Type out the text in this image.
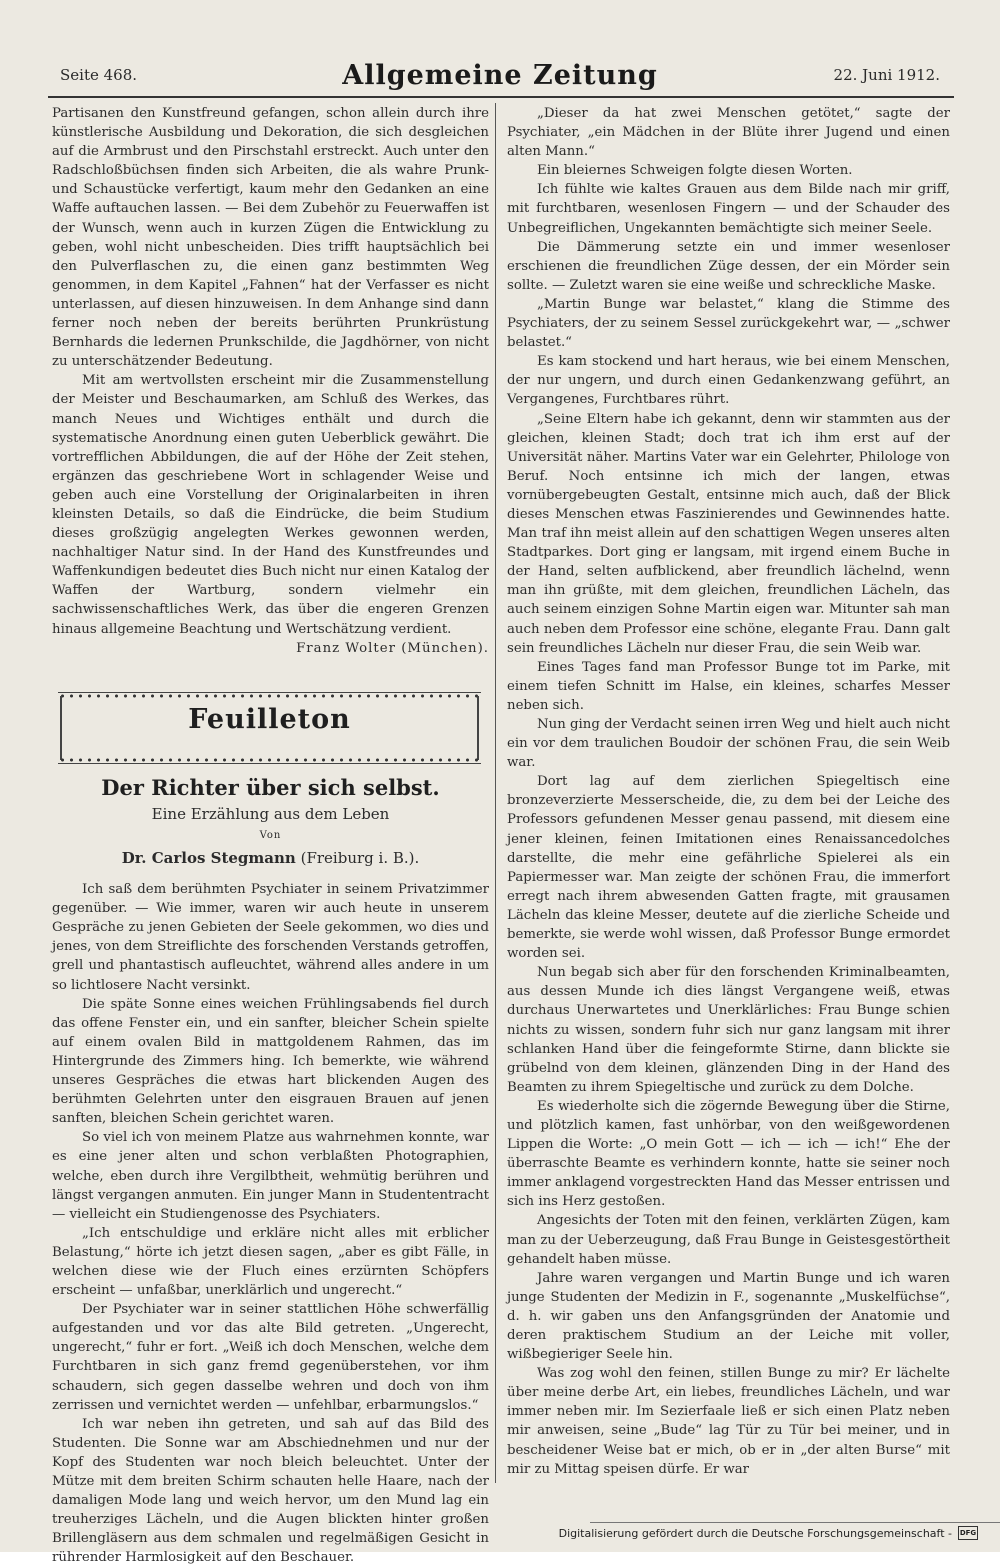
Seite 468.	Allgemeine Zeitung	22. Juni 1912.

Partisanen den Kunstfreund gefangen, schon allein durch ihre künstlerische Ausbildung und Dekoration, die sich desgleichen auf die Armbrust und den Pirschstahl erstreckt. Auch unter den Radschloßbüchsen finden sich Arbeiten, die als wahre Prunk- und Schaustücke verfertigt, kaum mehr den Gedanken an eine Waffe auftauchen lassen. — Bei dem Zubehör zu Feuerwaffen ist der Wunsch, wenn auch in kurzen Zügen die Entwicklung zu geben, wohl nicht unbescheiden. Dies trifft hauptsächlich bei den Pulverflaschen zu, die einen ganz bestimmten Weg genommen, in dem Kapitel „Fahnen“ hat der Verfasser es nicht unterlassen, auf diesen hinzuweisen. In dem Anhange sind dann ferner noch neben der bereits berührten Prunkrüstung Bernhards die ledernen Prunkschilde, die Jagdhörner, von nicht zu unterschätzender Bedeutung.

Mit am wertvollsten erscheint mir die Zusammenstellung der Meister und Beschaumarken, am Schluß des Werkes, das manch Neues und Wichtiges enthält und durch die systematische Anordnung einen guten Ueberblick gewährt. Die vortrefflichen Abbildungen, die auf der Höhe der Zeit stehen, ergänzen das geschriebene Wort in schlagender Weise und geben auch eine Vorstellung der Originalarbeiten in ihren kleinsten Details, so daß die Eindrücke, die beim Studium dieses großzügig angelegten Werkes gewonnen werden, nachhaltiger Natur sind. In der Hand des Kunstfreundes und Waffenkundigen bedeutet dies Buch nicht nur einen Katalog der Waffen der Wartburg, sondern vielmehr ein sachwissenschaftliches Werk, das über die engeren Grenzen hinaus allgemeine Beachtung und Wertschätzung verdient.

Franz Wolter (München).

Feuilleton
Der Richter über sich selbst.
Eine Erzählung aus dem Leben
Von
Dr. Carlos Stegmann (Freiburg i. B.).

Ich saß dem berühmten Psychiater in seinem Privatzimmer gegenüber. — Wie immer, waren wir auch heute in unserem Gespräche zu jenen Gebieten der Seele gekommen, wo dies und jenes, von dem Streiflichte des forschenden Verstands getroffen, grell und phantastisch aufleuchtet, während alles andere in um so lichtlosere Nacht versinkt.

Die späte Sonne eines weichen Frühlingsabends fiel durch das offene Fenster ein, und ein sanfter, bleicher Schein spielte auf einem ovalen Bild in mattgoldenem Rahmen, das im Hintergrunde des Zimmers hing. Ich bemerkte, wie während unseres Gespräches die etwas hart blickenden Augen des berühmten Gelehrten unter den eisgrauen Brauen auf jenen sanften, bleichen Schein gerichtet waren.

So viel ich von meinem Platze aus wahrnehmen konnte, war es eine jener alten und schon verblaßten Photographien, welche, eben durch ihre Vergilbtheit, wehmütig berühren und längst vergangen anmuten. Ein junger Mann in Studententracht — vielleicht ein Studiengenosse des Psychiaters.

„Ich entschuldige und erkläre nicht alles mit erblicher Belastung,“ hörte ich jetzt diesen sagen, „aber es gibt Fälle, in welchen diese wie der Fluch eines erzürnten Schöpfers erscheint — unfaßbar, unerklärlich und ungerecht.“

Der Psychiater war in seiner stattlichen Höhe schwerfällig aufgestanden und vor das alte Bild getreten. „Ungerecht, ungerecht,“ fuhr er fort. „Weiß ich doch Menschen, welche dem Furchtbaren in sich ganz fremd gegenüberstehen, vor ihm schaudern, sich gegen dasselbe wehren und doch von ihm zerrissen und vernichtet werden — unfehlbar, erbarmungslos.“

Ich war neben ihn getreten, und sah auf das Bild des Studenten. Die Sonne war am Abschiednehmen und nur der Kopf des Studenten war noch bleich beleuchtet. Unter der Mütze mit dem breiten Schirm schauten helle Haare, nach der damaligen Mode lang und weich hervor, um den Mund lag ein treuherziges Lächeln, und die Augen blickten hinter großen Brillengläsern aus dem schmalen und regelmäßigen Gesicht in rührender Harmlosigkeit auf den Beschauer.

„Dieser da hat zwei Menschen getötet,“ sagte der Psychiater, „ein Mädchen in der Blüte ihrer Jugend und einen alten Mann.“

Ein bleiernes Schweigen folgte diesen Worten.

Ich fühlte wie kaltes Grauen aus dem Bilde nach mir griff, mit furchtbaren, wesenlosen Fingern — und der Schauder des Unbegreiflichen, Ungekannten bemächtigte sich meiner Seele.

Die Dämmerung setzte ein und immer wesenloser erschienen die freundlichen Züge dessen, der ein Mörder sein sollte. — Zuletzt waren sie eine weiße und schreckliche Maske.

„Martin Bunge war belastet,“ klang die Stimme des Psychiaters, der zu seinem Sessel zurückgekehrt war, — „schwer belastet.“

Es kam stockend und hart heraus, wie bei einem Menschen, der nur ungern, und durch einen Gedankenzwang geführt, an Vergangenes, Furchtbares rührt.

„Seine Eltern habe ich gekannt, denn wir stammten aus der gleichen, kleinen Stadt; doch trat ich ihm erst auf der Universität näher. Martins Vater war ein Gelehrter, Philologe von Beruf. Noch entsinne ich mich der langen, etwas vornübergebeugten Gestalt, entsinne mich auch, daß der Blick dieses Menschen etwas Faszinierendes und Gewinnendes hatte. Man traf ihn meist allein auf den schattigen Wegen unseres alten Stadtparkes. Dort ging er langsam, mit irgend einem Buche in der Hand, selten aufblickend, aber freundlich lächelnd, wenn man ihn grüßte, mit dem gleichen, freundlichen Lächeln, das auch seinem einzigen Sohne Martin eigen war. Mitunter sah man auch neben dem Professor eine schöne, elegante Frau. Dann galt sein freundliches Lächeln nur dieser Frau, die sein Weib war.

Eines Tages fand man Professor Bunge tot im Parke, mit einem tiefen Schnitt im Halse, ein kleines, scharfes Messer neben sich.

Nun ging der Verdacht seinen irren Weg und hielt auch nicht ein vor dem traulichen Boudoir der schönen Frau, die sein Weib war.

Dort lag auf dem zierlichen Spiegeltisch eine bronzeverzierte Messerscheide, die, zu dem bei der Leiche des Professors gefundenen Messer genau passend, mit diesem eine jener kleinen, feinen Imitationen eines Renaissancedolches darstellte, die mehr eine gefährliche Spielerei als ein Papiermesser war. Man zeigte der schönen Frau, die immerfort erregt nach ihrem abwesenden Gatten fragte, mit grausamen Lächeln das kleine Messer, deutete auf die zierliche Scheide und bemerkte, sie werde wohl wissen, daß Professor Bunge ermordet worden sei.

Nun begab sich aber für den forschenden Kriminalbeamten, aus dessen Munde ich dies längst Vergangene weiß, etwas durchaus Unerwartetes und Unerklärliches: Frau Bunge schien nichts zu wissen, sondern fuhr sich nur ganz langsam mit ihrer schlanken Hand über die feingeformte Stirne, dann blickte sie grübelnd von dem kleinen, glänzenden Ding in der Hand des Beamten zu ihrem Spiegeltische und zurück zu dem Dolche.

Es wiederholte sich die zögernde Bewegung über die Stirne, und plötzlich kamen, fast unhörbar, von den weißgewordenen Lippen die Worte: „O mein Gott — ich — ich — ich!“ Ehe der überraschte Beamte es verhindern konnte, hatte sie seiner noch immer anklagend vorgestreckten Hand das Messer entrissen und sich ins Herz gestoßen.

Angesichts der Toten mit den feinen, verklärten Zügen, kam man zu der Ueberzeugung, daß Frau Bunge in Geistesgestörtheit gehandelt haben müsse.

Jahre waren vergangen und Martin Bunge und ich waren junge Studenten der Medizin in F., sogenannte „Muskelfüchse“, d. h. wir gaben uns den Anfangsgründen der Anatomie und deren praktischem Studium an der Leiche mit voller, wißbegieriger Seele hin.

Was zog wohl den feinen, stillen Bunge zu mir? Er lächelte über meine derbe Art, ein liebes, freundliches Lächeln, und war immer neben mir. Im Sezierfaale ließ er sich einen Platz neben mir anweisen, seine „Bude“ lag Tür zu Tür bei meiner, und in bescheidener Weise bat er mich, ob er in „der alten Burse“ mit mir zu Mittag speisen dürfe. Er war

Digitalisierung gefördert durch die Deutsche Forschungsgemeinschaft - DFG
